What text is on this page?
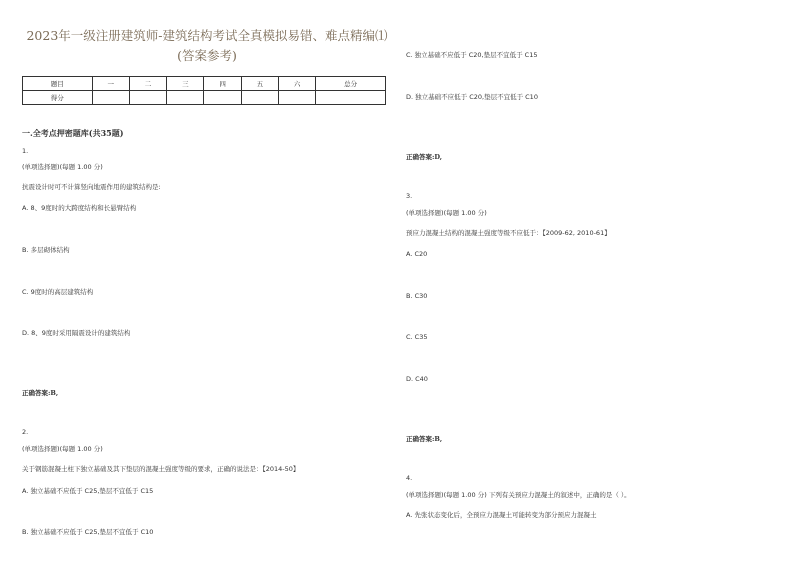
2023年一级注册建筑师-建筑结构考试全真模拟易错、难点精编⑴
(答案参考)
题目	一	二	三	四	五	六	总分
得分							
一.全考点押密题库(共35题)
1.
(单项选择题)(每题 1.00 分)
抗震设计时可不计算竖向地震作用的建筑结构是:
A. 8、9度时的大跨度结构和长悬臂结构
B. 多层砌体结构
C. 9度时的高层建筑结构
D. 8、9度时采用隔震设计的建筑结构
正确答案:B,
2.
(单项选择题)(每题 1.00 分)
关于钢筋混凝土柱下独立基础及其下垫层的混凝土强度等级的要求，正确的说法是：【2014-50】
A. 独立基础不应低于 C25,垫层不宜低于 C15
B. 独立基础不应低于 C25,垫层不宜低于 C10
C. 独立基础不应低于 C20,垫层不宜低于 C15
D. 独立基础不应低于 C20,垫层不宜低于 C10
正确答案:D,
3.
(单项选择题)(每题 1.00 分)
预应力混凝土结构的混凝土强度等级不应低于：【2009-62, 2010-61】
A. C20
B. C30
C. C35
D. C40
正确答案:B,
4.
(单项选择题)(每题 1.00 分) 下列有关预应力混凝土的叙述中，正确的是（ ）。
A. 先张状态变化后，全预应力混凝土可能转变为部分预应力混凝土
